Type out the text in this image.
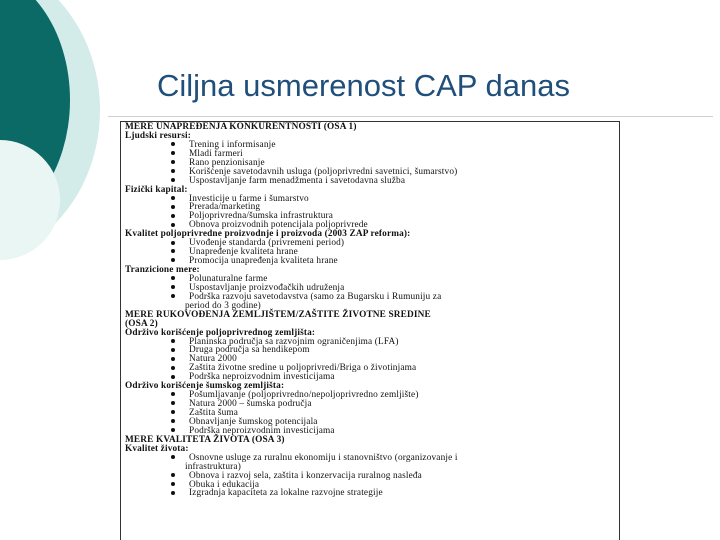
Ciljna usmerenost CAP danas
MERE UNAPREĐENJA KONKURENTNOSTI (OSA 1)
Ljudski resursi:
Trening i informisanje
Mladi farmeri
Rano penzionisanje
Korišćenje savetodavnih usluga (poljoprivredni savetnici, šumarstvo)
Uspostavljanje farm menadžmenta i savetodavna služba
Fizički kapital:
Investicije u farme i šumarstvo
Prerada/marketing
Poljoprivredna/šumska infrastruktura
Obnova proizvodnih potencijala poljoprivrede
Kvalitet poljoprivredne proizvodnje i proizvoda (2003 ZAP reforma):
Uvođenje standarda (privremeni period)
Unapređenje kvaliteta hrane
Promocija unapređenja kvaliteta hrane
Tranzicione mere:
Polunaturalne farme
Uspostavljanje proizvođačkih udruženja
Podrška razvoju savetodavstva (samo za Bugarsku i Rumuniju za
period do 3 godine)
MERE RUKOVOĐENJA ZEMLJIŠTEM/ZAŠTITE ŽIVOTNE SREDINE
(OSA 2)
Održivo korišćenje poljoprivrednog zemljišta:
Planinska područja sa razvojnim ograničenjima (LFA)
Druga područja sa hendikepom
Natura 2000
Zaštita životne sredine u poljoprivredi/Briga o životinjama
Podrška neproizvodnim investicijama
Održivo korišćenje šumskog zemljišta:
Pošumljavanje (poljoprivredno/nepoljoprivredno zemljište)
Natura 2000 – šumska područja
Zaštita šuma
Obnavljanje šumskog potencijala
Podrška neproizvodnim investicijama
MERE KVALITETA ŽIVOTA (OSA 3)
Kvalitet života:
Osnovne usluge za ruralnu ekonomiju i stanovništvo (organizovanje i
infrastruktura)
Obnova i razvoj sela, zaštita i konzervacija ruralnog nasleđa
Obuka i edukacija
Izgradnja kapaciteta za lokalne razvojne strategije
